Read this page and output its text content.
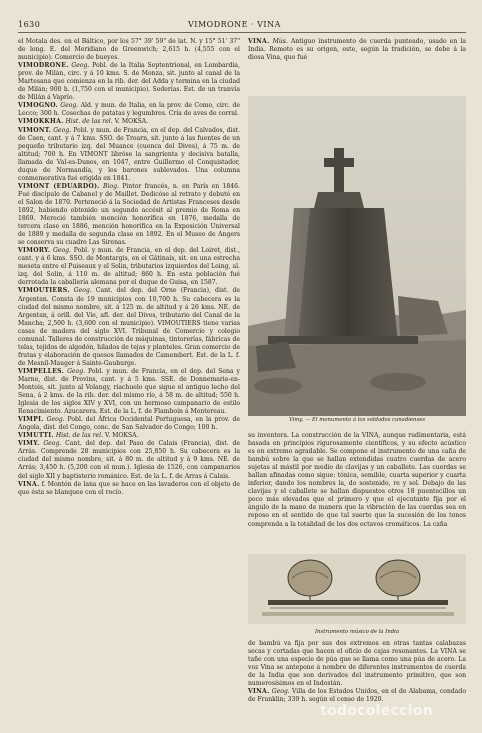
1630	VIMODRONE · VINA

el Motala des. en el Báltico, por los 57° 39' 59" de lat. N. y 15° 51' 37" de long. E. del Meridiano de Greenwich; 2,615 h. (4,555 con el municipio). Comercio de bueyes.

VIMODRONE. Geog. Pobl. de la Italia Septentrional, en Lombardía, prov. de Milán, circ. y á 10 kms. S. de Monza, sit. junto al canal de la Martesana que comienza en la rib. der. del Adda y termina en la ciudad de Milán; 900 h. (1,750 con el municipio). Sederías. Est. de un tranvía de Milán á Vaprío.

VIMOGNO. Geog. Ald. y mun. de Italia, en la prov. de Como, circ. de Lecco; 300 h. Cosechas de patatas y legumbres. Cría de aves de corral.

VIMOKKHA. Hist. de las rel. V. MOKSA.

VIMONT. Geog. Pobl. y mun. de Francia, en el dep. del Calvados, dist. de Caen, cant. y á 7 kms. SSO. de Troarn, sit. junto á las fuentes de un pequeño tributario izq. del Muance (cuenca del Dives), á 75 m. de altitud; 700 h. En VIMONT libróse la sangrienta y decisiva batalla, llamada de Val-es-Dunes, en 1047, entre Guillermo el Conquistador, duque de Normandía, y los barones sublevados. Una columna conmemorativa fué erigida en 1841.

VIMONT (EDUARDO). Biog. Pintor francés, n. en París en 1846. Fué discípulo de Cabanel y de Maillet. Dedicóse al retrato y debutó en el Salon de 1870. Perteneció á la Sociedad de Artistas Franceses desde 1892, habiendo obtenido un segundo accésit al premio de Roma en 1869. Mereció también mención honorífica en 1876, medalla de tercera clase en 1886, mención honorífica en la Exposición Universal de 1889 y medalla de segunda clase en 1892. En el Museo de Angers se conserva su cuadro Las Sirenas.

VIMORY. Geog. Pobl. y mun. de Francia, en el dep. del Loiret, dist., cant. y á 6 kms. SSO. de Montargis, en el Gâtinais, sit. en una estrecha meseta entre el Puiseaux y el Solin, tributarios izquierdos del Loing, al. izq. del Solin, á 110 m. de altitud; 860 h. En esta población fué derrotada la caballería alemana por el duque de Guisa, en 1587.

VIMOUTIERS. Geog. Cant. del dep. del Orne (Francia), dist. de Argentan. Consta de 19 municipios con 10,700 h. Su cabecera es la ciudad del mismo nombre, sit. á 125 m. de altitud y á 26 kms. NE. de Argentan, á orill. del Vie, afl. der. del Dives, tributario del Canal de la Mancha; 2,500 h. (3,600 con el municipio). VIMOUTIERS tiene varias casas de madera del siglo XVI. Tribunal de Comercio y colegio comunal. Talleres de construcción de máquinas, tintorerías, fábricas de telas, tejidos de algodón, hilados de tejas y planteles. Gran comercio de frutas y elaboración de quesos llamados de Camembert. Est. de la L. f. de Mesnil-Mauger á Sainte-Gauburge.

VIMPELLES. Geog. Pobl. y mun. de Francia, en el dep. del Sena y Marne, dist. de Provins, cant. y á 5 kms. SSE. de Donnemarie-en-Montois, sit. junto al Volangy, riachuelo que sigue el antiguo lecho del Sena, á 2 kms. de la rib. der. del mismo río, á 58 m. de altitud; 550 h. Iglesia de los siglos XIV y XVI, con un hermoso campanario de estilo Renacimiento. Azucarera. Est. de la L. f. de Flamboin á Montereau.

VIMPI. Geog. Pobl. del África Occidental Portuguesa, en la prov. de Angola, dist. del Congo, conc. de San Salvador do Congo; 100 h.

VIMUTTI. Hist. de las rel. V. MOKSA.

VIMY. Geog. Cant. del dep. del Paso de Calais (Francia), dist. de Arrás. Comprende 28 municipios con 25,850 h. Su cabecera es la ciudad del mismo nombre, sit. á 80 m. de altitud y á 9 kms. NE. de Arrás; 3,450 h. (5,200 con el mun.). Iglesia de 1526, con campanarios del siglo XII y baptisterio románico. Est. de la L. f. de Arras á Calais.

VINA. f. Montón de lana que se hace en las lavaderos con el objeto de que ésta se blanquee con el rocío.

VINA. Mús. Antiguo instrumento de cuerda punteado, usado en la India. Remoto es su origen, este, según la tradición, se debe á la diosa Vina, que fué

Vimy. — El monumento á los soldados canadienses

su inventora. La construcción de la VINA, aunque rudimentaria, está basada en principios rigurosamente científicos, y su efecto acústico es en extremo agradable. Se compone el instrumento de una caña de bambú sobre la que se hallan extendidas cuatro cuerdas de acero sujetas al mástil por medio de clavijas y un caballete. Las cuerdas se hallan afinadas como sigue: tónica, semible, cuarta superior y cuarta inferior, dando los nombres la, do sostenido, re y sol. Debajo de las clavijas y el caballete se hallan dispuestos otros 18 puentecillos un poco más elevados que el primero y que el ejecutante fija por el ángulo de la mano de manera que la vibración de las cuerdas sea en reposo en el sentido de que tal suerte que la sucesión de los tonos comprenda a la totalidad de los dos octavos cromáticos. La caña

Instrumento músico de la India

de bambú va fija por sus dos extremos en otras tantas calabazas secas y cortadas que hacen el oficio de cajas resonantes. La VINA se tañe con una especie de púa que se llama como una púa de acero. La voz Vina se antepone á nombre de diferentes instrumentos de cuerda de la India que son derivados del instrumento primitivo, que son numerosísimos en el Indostán.

VINA. Geog. Villa de los Estados Unidos, en el de Alabama, condado de Franklin; 339 h. según el censo de 1920.

todocoleccion
